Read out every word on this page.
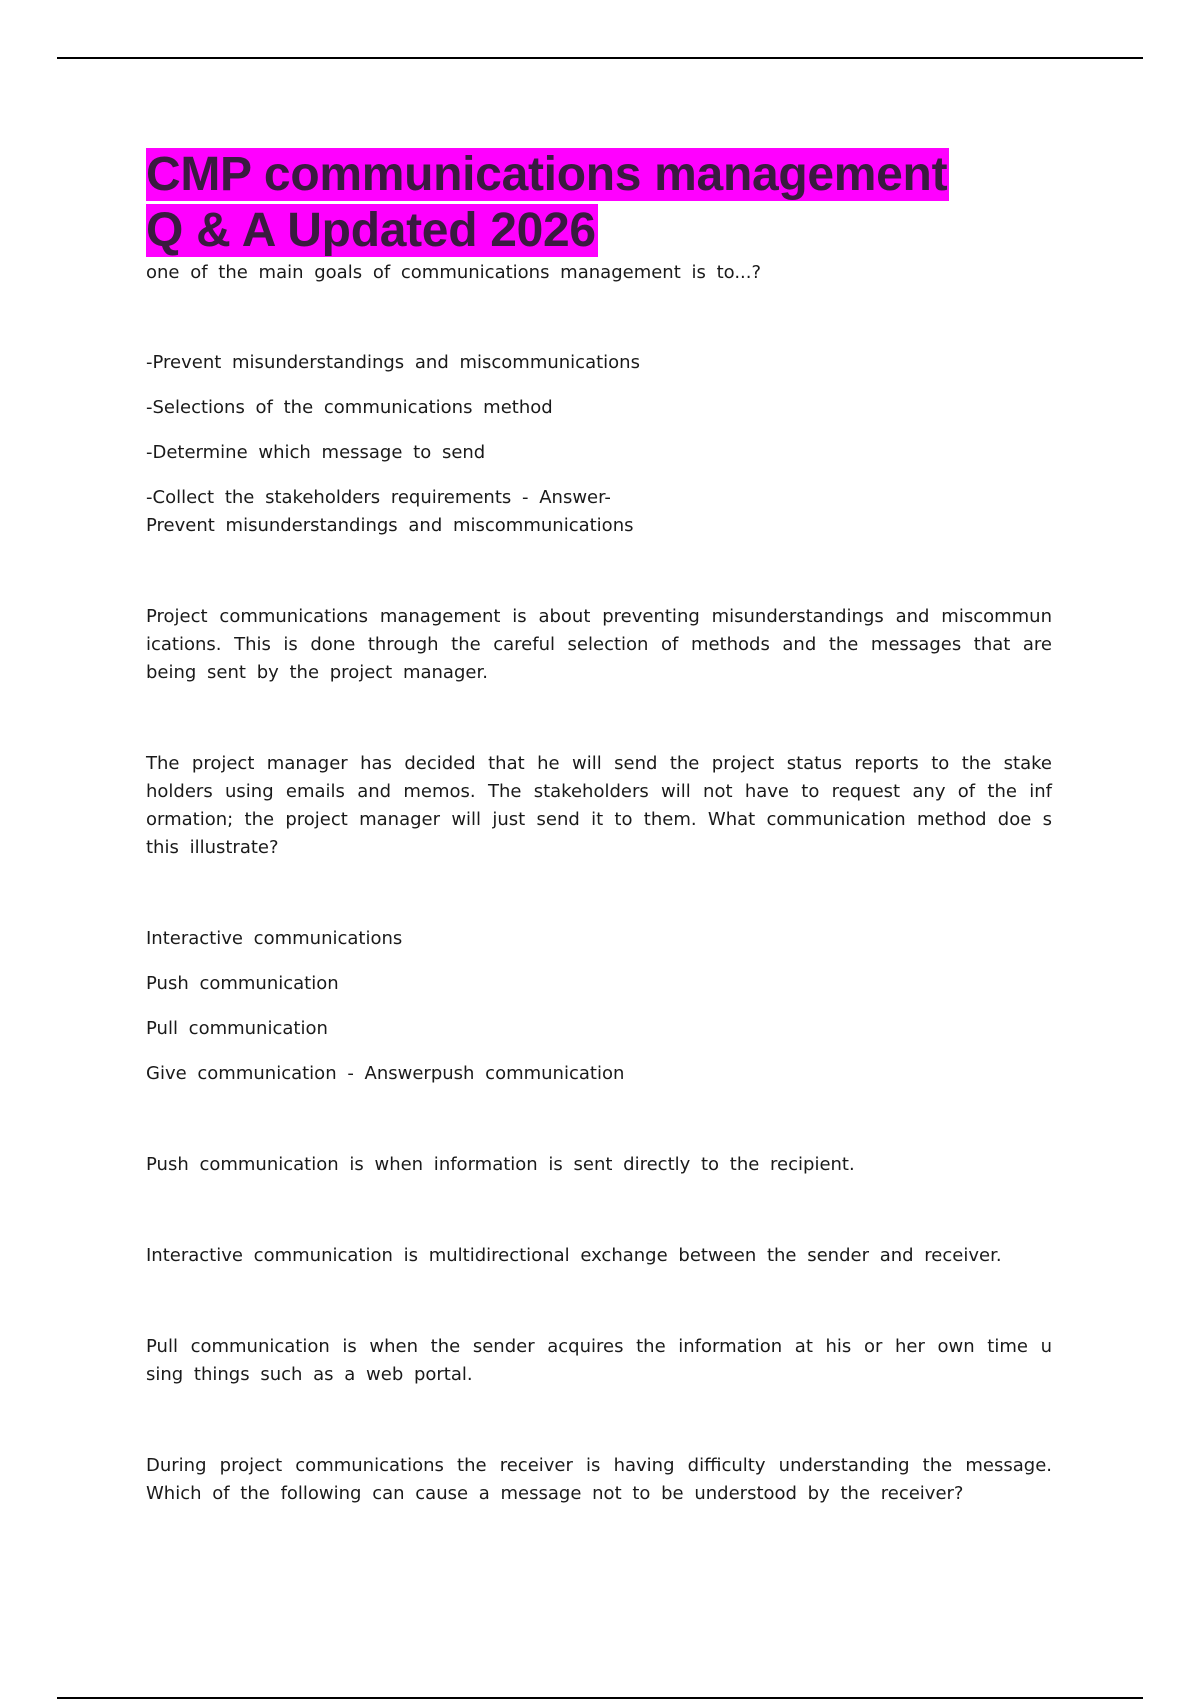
CMP communications management
Q & A Updated 2026

one of the main goals of communications management is to...?

-Prevent misunderstandings and miscommunications

-Selections of the communications method

-Determine which message to send

-Collect the stakeholders requirements - Answer-
Prevent misunderstandings and miscommunications

Project communications management is about preventing misunderstandings and miscommun ications. This is done through the careful selection of methods and the messages that are being sent by the project manager.

The project manager has decided that he will send the project status reports to the stake holders using emails and memos. The stakeholders will not have to request any of the inf ormation; the project manager will just send it to them. What communication method doe s this illustrate?

Interactive communications

Push communication

Pull communication

Give communication - Answerpush communication

Push communication is when information is sent directly to the recipient.

Interactive communication is multidirectional exchange between the sender and receiver.

Pull communication is when the sender acquires the information at his or her own time u sing things such as a web portal.

During project communications the receiver is having difficulty understanding the message. Which of the following can cause a message not to be understood by the receiver?
